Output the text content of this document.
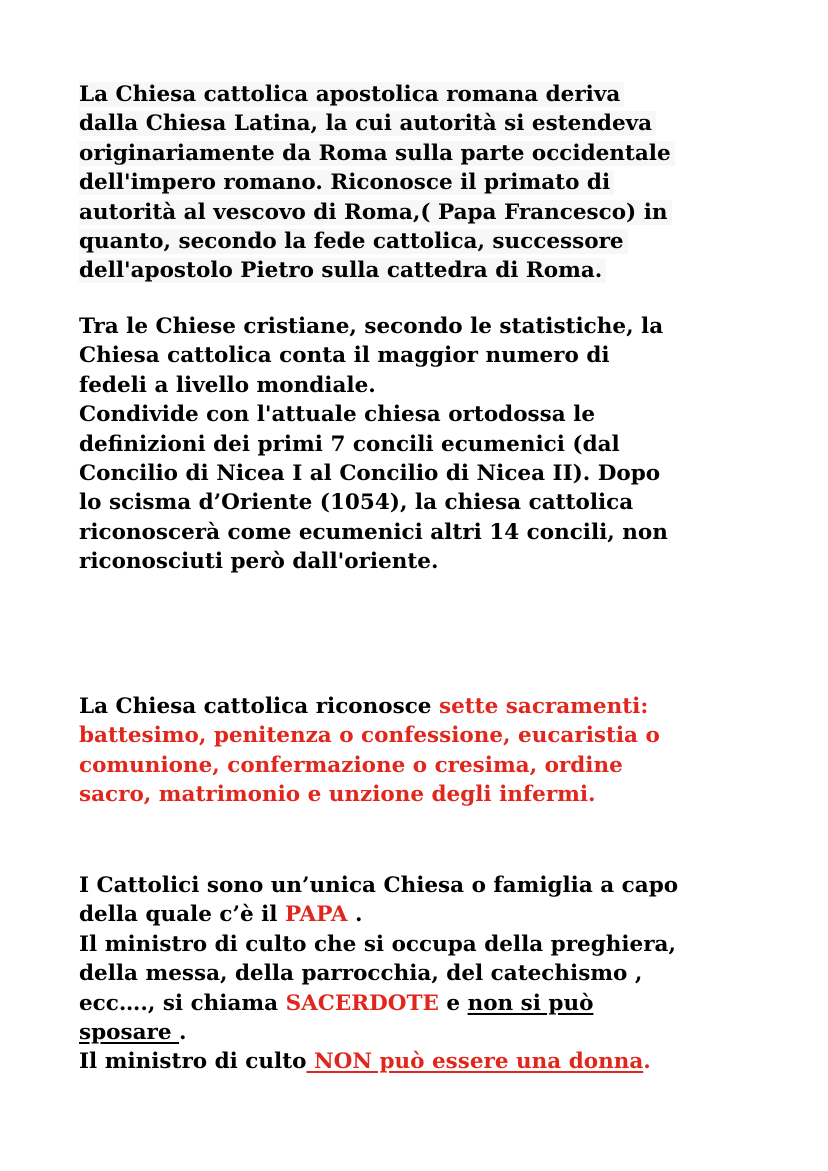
La Chiesa cattolica apostolica romana deriva
dalla Chiesa Latina, la cui autorità si estendeva
originariamente da Roma sulla parte occidentale
dell'impero romano. Riconosce il primato di
autorità al vescovo di Roma,( Papa Francesco) in
quanto, secondo la fede cattolica, successore
dell'apostolo Pietro sulla cattedra di Roma.
Tra le Chiese cristiane, secondo le statistiche, la
Chiesa cattolica conta il maggior numero di
fedeli a livello mondiale.
Condivide con l'attuale chiesa ortodossa le
definizioni dei primi 7 concili ecumenici (dal
Concilio di Nicea I al Concilio di Nicea II). Dopo
lo scisma d’Oriente (1054), la chiesa cattolica
riconoscerà come ecumenici altri 14 concili, non
riconosciuti però dall'oriente.
La Chiesa cattolica riconosce sette sacramenti:
battesimo, penitenza o confessione, eucaristia o
comunione, confermazione o cresima, ordine
sacro, matrimonio e unzione degli infermi.
I Cattolici sono un’unica Chiesa o famiglia a capo
della quale c’è il PAPA .
Il ministro di culto che si occupa della preghiera,
della messa, della parrocchia, del catechismo ,
ecc…., si chiama SACERDOTE e non si può
sposare .
Il ministro di culto NON può essere una donna.
